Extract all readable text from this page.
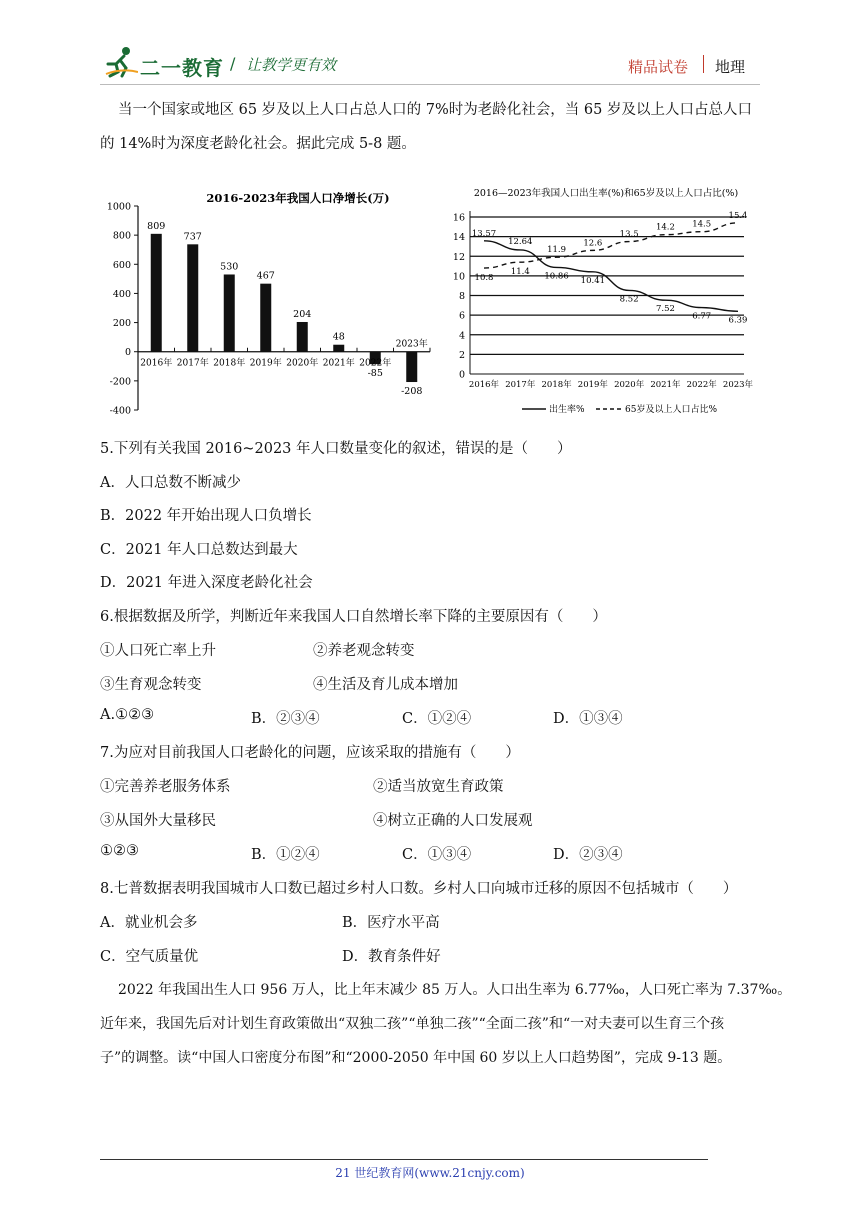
二一教育 / 让教学更有效	精品试卷 地理
当一个国家或地区 65 岁及以上人口占总人口的 7%时为老龄化社会，当 65 岁及以上人口占总人口
的 14%时为深度老龄化社会。据此完成 5-8 题。
2016-2023年我国人口净增长(万)
1000
800
600
400
200
0
-200
-400
809
2016年
737
2017年
530
2018年
467
2019年
204
2020年
48
2021年
-85
2022年
-208
2023年
2016—2023年我国人口出生率(%)和65岁及以上人口占比(%)
16
14
12
10
8
6
4
2
0
2016年 2017年 2018年 2019年 2020年 2021年 2022年 2023年
13.57
12.64
10.86 10.41
8.52
7.52
6.77 6.39
10.8
11.4
11.9
12.6
13.5
14.2 14.5
15.4
出生率%	65岁及以上人口占比%
5.下列有关我国 2016~2023 年人口数量变化的叙述，错误的是（　　）
A．人口总数不断减少
B．2022 年开始出现人口负增长
C．2021 年人口总数达到最大
D．2021 年进入深度老龄化社会
6.根据数据及所学，判断近年来我国人口自然增长率下降的主要原因有（　　）
①人口死亡率上升	②养老观念转变
③生育观念转变	④生活及育儿成本增加
A.①②③	B．②③④	C．①②④	D．①③④
7.为应对目前我国人口老龄化的问题，应该采取的措施有（　　）
①完善养老服务体系	②适当放宽生育政策
③从国外大量移民	④树立正确的人口发展观
①②③	B．①②④	C．①③④	D．②③④
8.七普数据表明我国城市人口数已超过乡村人口数。乡村人口向城市迁移的原因不包括城市（　　）
A．就业机会多	B．医疗水平高
C．空气质量优	D．教育条件好
2022 年我国出生人口 956 万人，比上年末减少 85 万人。人口出生率为 6.77‰，人口死亡率为 7.37‰。
近年来，我国先后对计划生育政策做出“双独二孩”“单独二孩”“全面二孩”和“一对夫妻可以生育三个孩
子”的调整。读“中国人口密度分布图”和“2000-2050 年中国 60 岁以上人口趋势图”，完成 9-13 题。
21 世纪教育网(www.21cnjy.com)
